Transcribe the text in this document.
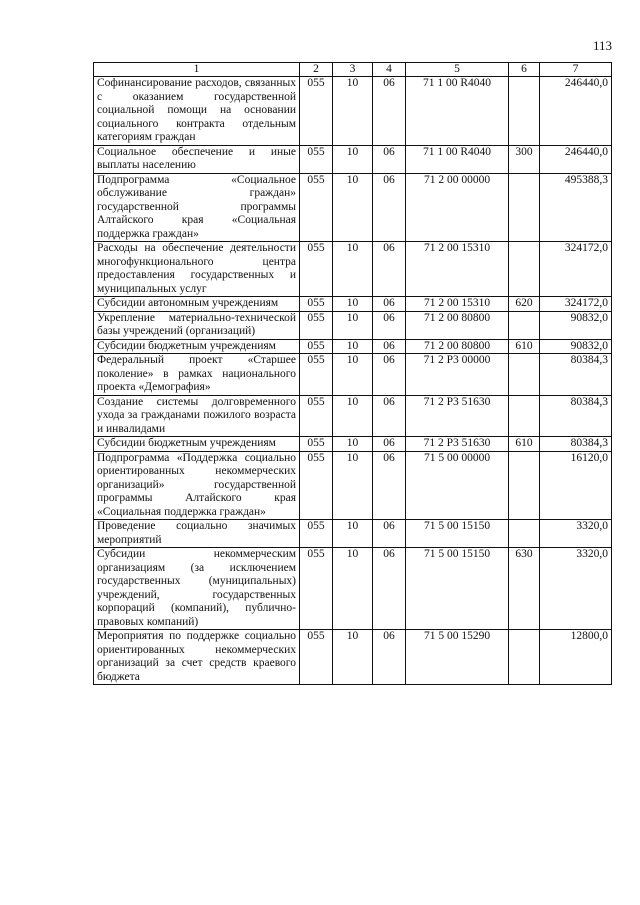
113
1	2	3	4	5	6	7
Софинансирование расходов, связанных с оказанием государственной социальной помощи на основании социального контракта отдельным категориям граждан	055	10	06	71 1 00 R4040		246440,0
Социальное обеспечение и иные выплаты населению	055	10	06	71 1 00 R4040	300	246440,0
Подпрограмма «Социальное обслуживание граждан» государственной программы Алтайского края «Социальная поддержка граждан»	055	10	06	71 2 00 00000		495388,3
Расходы на обеспечение деятельности многофункционального центра предоставления государственных и муниципальных услуг	055	10	06	71 2 00 15310		324172,0
Субсидии автономным учреждениям	055	10	06	71 2 00 15310	620	324172,0
Укрепление материально-технической базы учреждений (организаций)	055	10	06	71 2 00 80800		90832,0
Субсидии бюджетным учреждениям	055	10	06	71 2 00 80800	610	90832,0
Федеральный проект «Старшее поколение» в рамках национального проекта «Демография»	055	10	06	71 2 Р3 00000		80384,3
Создание системы долговременного ухода за гражданами пожилого возраста и инвалидами	055	10	06	71 2 Р3 51630		80384,3
Субсидии бюджетным учреждениям	055	10	06	71 2 Р3 51630	610	80384,3
Подпрограмма «Поддержка социально ориентированных некоммерческих организаций» государственной программы Алтайского края «Социальная поддержка граждан»	055	10	06	71 5 00 00000		16120,0
Проведение социально значимых мероприятий	055	10	06	71 5 00 15150		3320,0
Субсидии некоммерческим организациям (за исключением государственных (муниципальных) учреждений, государственных корпораций (компаний), публично-правовых компаний)	055	10	06	71 5 00 15150	630	3320,0
Мероприятия по поддержке социально ориентированных некоммерческих организаций за счет средств краевого бюджета	055	10	06	71 5 00 15290		12800,0
